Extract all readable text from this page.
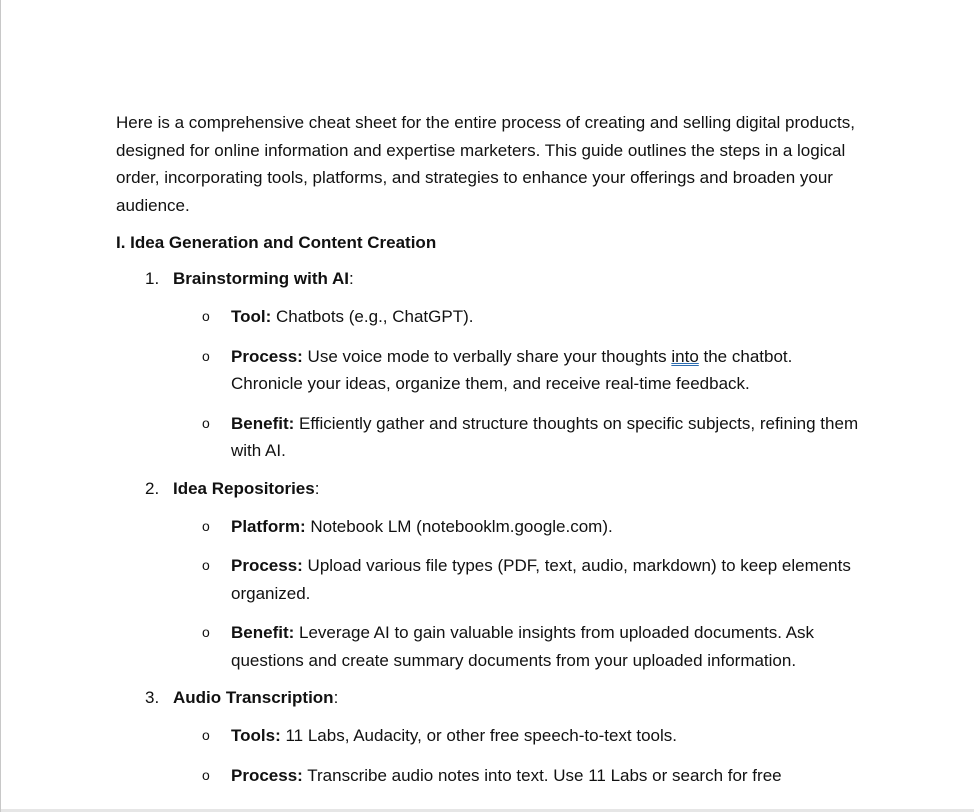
Here is a comprehensive cheat sheet for the entire process of creating and selling digital products, designed for online information and expertise marketers. This guide outlines the steps in a logical order, incorporating tools, platforms, and strategies to enhance your offerings and broaden your audience.

I. Idea Generation and Content Creation
1. Brainstorming with AI:
o Tool: Chatbots (e.g., ChatGPT).
o Process: Use voice mode to verbally share your thoughts into the chatbot. Chronicle your ideas, organize them, and receive real-time feedback.
o Benefit: Efficiently gather and structure thoughts on specific subjects, refining them with AI.
2. Idea Repositories:
o Platform: Notebook LM (notebooklm.google.com).
o Process: Upload various file types (PDF, text, audio, markdown) to keep elements organized.
o Benefit: Leverage AI to gain valuable insights from uploaded documents. Ask questions and create summary documents from your uploaded information.
3. Audio Transcription:
o Tools: 11 Labs, Audacity, or other free speech-to-text tools.
o Process: Transcribe audio notes into text. Use 11 Labs or search for free
